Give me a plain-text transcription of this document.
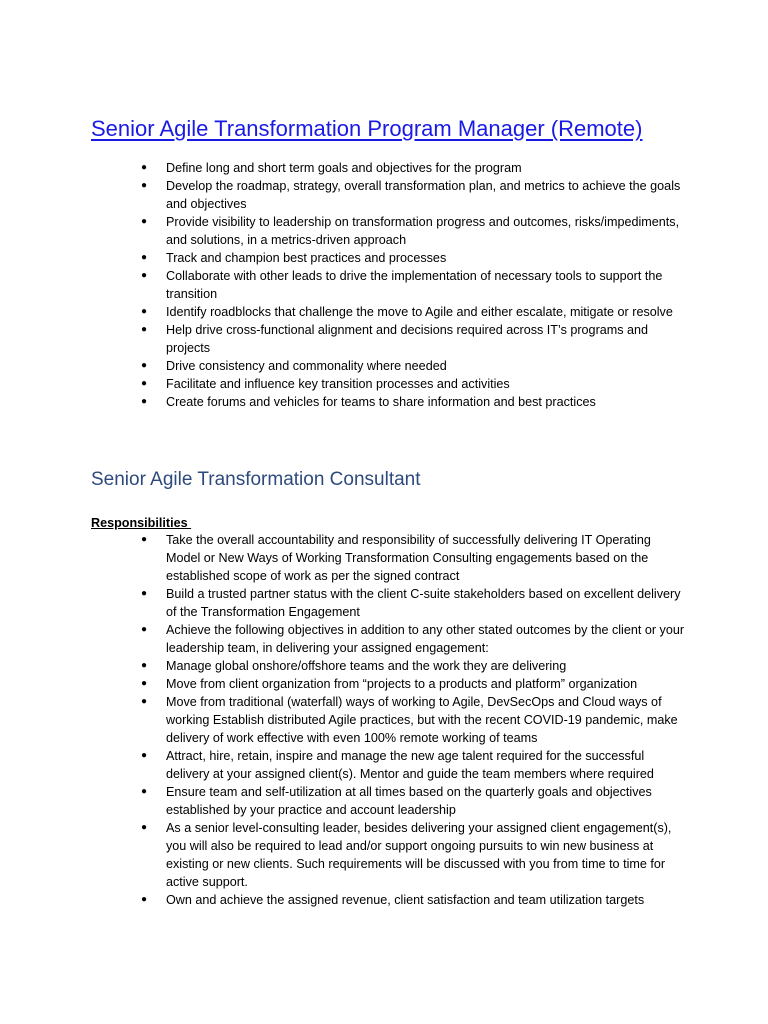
Senior Agile Transformation Program Manager (Remote)
● Define long and short term goals and objectives for the program
● Develop the roadmap, strategy, overall transformation plan, and metrics to achieve the goals and objectives
● Provide visibility to leadership on transformation progress and outcomes, risks/impediments, and solutions, in a metrics-driven approach
● Track and champion best practices and processes
● Collaborate with other leads to drive the implementation of necessary tools to support the transition
● Identify roadblocks that challenge the move to Agile and either escalate, mitigate or resolve
● Help drive cross-functional alignment and decisions required across IT’s programs and projects
● Drive consistency and commonality where needed
● Facilitate and influence key transition processes and activities
● Create forums and vehicles for teams to share information and best practices
Senior Agile Transformation Consultant

Responsibilities

● Take the overall accountability and responsibility of successfully delivering IT Operating Model or New Ways of Working Transformation Consulting engagements based on the established scope of work as per the signed contract
● Build a trusted partner status with the client C-suite stakeholders based on excellent delivery of the Transformation Engagement
● Achieve the following objectives in addition to any other stated outcomes by the client or your leadership team, in delivering your assigned engagement:
● Manage global onshore/offshore teams and the work they are delivering
● Move from client organization from “projects to a products and platform” organization
● Move from traditional (waterfall) ways of working to Agile, DevSecOps and Cloud ways of working Establish distributed Agile practices, but with the recent COVID-19 pandemic, make delivery of work effective with even 100% remote working of teams
● Attract, hire, retain, inspire and manage the new age talent required for the successful delivery at your assigned client(s). Mentor and guide the team members where required
● Ensure team and self-utilization at all times based on the quarterly goals and objectives established by your practice and account leadership
● As a senior level-consulting leader, besides delivering your assigned client engagement(s), you will also be required to lead and/or support ongoing pursuits to win new business at existing or new clients. Such requirements will be discussed with you from time to time for active support.
● Own and achieve the assigned revenue, client satisfaction and team utilization targets
